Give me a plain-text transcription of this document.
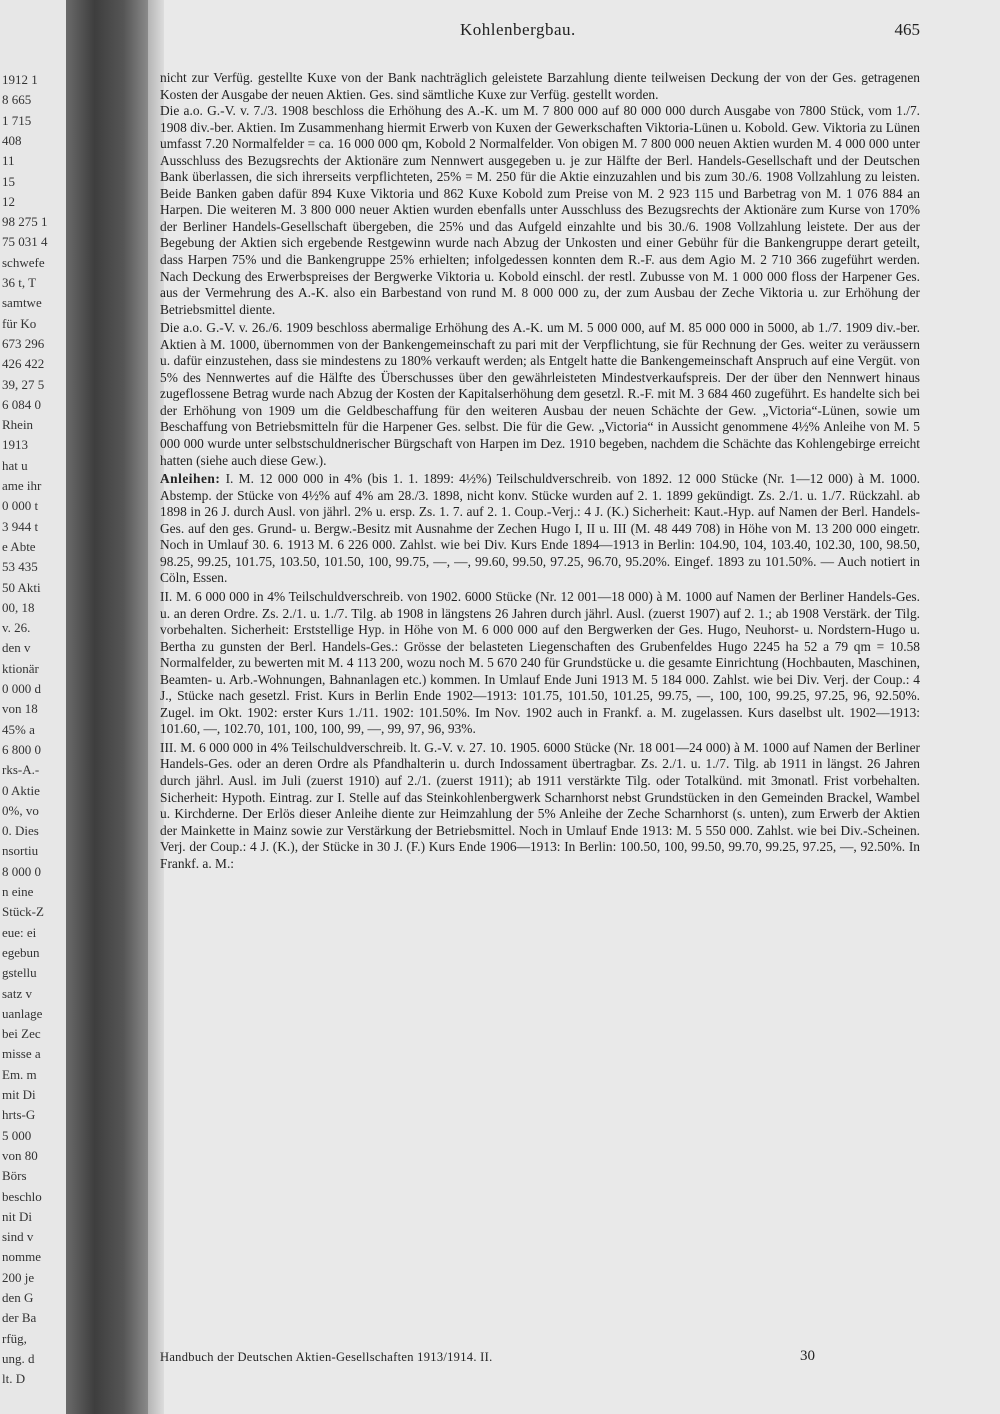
1912 1
8 665
1 715
408
11
15
12
98 275 1
75 031 4
schwefe
36 t, T
samtwe
für Ko
673 296
426 422
39, 27 5
6 084 0
Rhein
1913
hat u
ame ihr
0 000 t
3 944 t
e Abte
53 435
50 Akti
00, 18
v. 26.
den v
ktionär
0 000 d
von 18
45% a
6 800 0
rks-A.-
0 Aktie
0%, vo
0. Dies
nsortiu
8 000 0
n eine
Stück-Z
eue: ei
egebun
gstellu
satz v
uanlage
bei Zec
misse a
Em. m
mit Di
hrts-G
5 000
von 80
Börs
beschlo
nit Di
sind v
nomme
200 je
den G
der Ba
rfüg,
ung. d
lt. D
Kohlenbergbau.	465

nicht zur Verfüg. gestellte Kuxe von der Bank nachträglich geleistete Barzahlung diente teilweisen Deckung der von der Ges. getragenen Kosten der Ausgabe der neuen Aktien. Ges. sind sämtliche Kuxe zur Verfüg. gestellt worden.

Die a.o. G.-V. v. 7./3. 1908 beschloss die Erhöhung des A.-K. um M. 7 800 000 auf 80 000 000 durch Ausgabe von 7800 Stück, vom 1./7. 1908 div.-ber. Aktien. Im Zusammenhang hiermit Erwerb von Kuxen der Gewerkschaften Viktoria-Lünen u. Kobold. Gew. Viktoria zu Lünen umfasst 7.20 Normalfelder = ca. 16 000 000 qm, Kobold 2 Normalfelder. Von obigen M. 7 800 000 neuen Aktien wurden M. 4 000 000 unter Ausschluss des Bezugsrechts der Aktionäre zum Nennwert ausgegeben u. je zur Hälfte der Berl. Handels-Gesellschaft und der Deutschen Bank überlassen, die sich ihrerseits verpflichteten, 25% = M. 250 für die Aktie einzuzahlen und bis zum 30./6. 1908 Vollzahlung zu leisten. Beide Banken gaben dafür 894 Kuxe Viktoria und 862 Kuxe Kobold zum Preise von M. 2 923 115 und Barbetrag von M. 1 076 884 an Harpen. Die weiteren M. 3 800 000 neuer Aktien wurden ebenfalls unter Ausschluss des Bezugsrechts der Aktionäre zum Kurse von 170% der Berliner Handels-Gesellschaft übergeben, die 25% und das Aufgeld einzahlte und bis 30./6. 1908 Vollzahlung leistete. Der aus der Begebung der Aktien sich ergebende Restgewinn wurde nach Abzug der Unkosten und einer Gebühr für die Bankengruppe derart geteilt, dass Harpen 75% und die Bankengruppe 25% erhielten; infolgedessen konnten dem R.-F. aus dem Agio M. 2 710 366 zugeführt werden. Nach Deckung des Erwerbspreises der Bergwerke Viktoria u. Kobold einschl. der restl. Zubusse von M. 1 000 000 floss der Harpener Ges. aus der Vermehrung des A.-K. also ein Barbestand von rund M. 8 000 000 zu, der zum Ausbau der Zeche Viktoria u. zur Erhöhung der Betriebsmittel diente.

Die a.o. G.-V. v. 26./6. 1909 beschloss abermalige Erhöhung des A.-K. um M. 5 000 000, auf M. 85 000 000 in 5000, ab 1./7. 1909 div.-ber. Aktien à M. 1000, übernommen von der Bankengemeinschaft zu pari mit der Verpflichtung, sie für Rechnung der Ges. weiter zu veräussern u. dafür einzustehen, dass sie mindestens zu 180% verkauft werden; als Entgelt hatte die Bankengemeinschaft Anspruch auf eine Vergüt. von 5% des Nennwertes auf die Hälfte des Überschusses über den gewährleisteten Mindestverkaufspreis. Der der über den Nennwert hinaus zugeflossene Betrag wurde nach Abzug der Kosten der Kapitalserhöhung dem gesetzl. R.-F. mit M. 3 684 460 zugeführt. Es handelte sich bei der Erhöhung von 1909 um die Geldbeschaffung für den weiteren Ausbau der neuen Schächte der Gew. „Victoria“-Lünen, sowie um Beschaffung von Betriebsmitteln für die Harpener Ges. selbst. Die für die Gew. „Victoria“ in Aussicht genommene 4½% Anleihe von M. 5 000 000 wurde unter selbstschuldnerischer Bürgschaft von Harpen im Dez. 1910 begeben, nachdem die Schächte das Kohlengebirge erreicht hatten (siehe auch diese Gew.).

Anleihen: I. M. 12 000 000 in 4% (bis 1. 1. 1899: 4½%) Teilschuldverschreib. von 1892. 12 000 Stücke (Nr. 1—12 000) à M. 1000. Abstemp. der Stücke von 4½% auf 4% am 28./3. 1898, nicht konv. Stücke wurden auf 2. 1. 1899 gekündigt. Zs. 2./1. u. 1./7. Rückzahl. ab 1898 in 26 J. durch Ausl. von jährl. 2% u. ersp. Zs. 1. 7. auf 2. 1. Coup.-Verj.: 4 J. (K.) Sicherheit: Kaut.-Hyp. auf Namen der Berl. Handels-Ges. auf den ges. Grund- u. Bergw.-Besitz mit Ausnahme der Zechen Hugo I, II u. III (M. 48 449 708) in Höhe von M. 13 200 000 eingetr. Noch in Umlauf 30. 6. 1913 M. 6 226 000. Zahlst. wie bei Div. Kurs Ende 1894—1913 in Berlin: 104.90, 104, 103.40, 102.30, 100, 98.50, 98.25, 99.25, 101.75, 103.50, 101.50, 100, 99.75, —, —, 99.60, 99.50, 97.25, 96.70, 95.20%. Eingef. 1893 zu 101.50%. — Auch notiert in Cöln, Essen.

II. M. 6 000 000 in 4% Teilschuldverschreib. von 1902. 6000 Stücke (Nr. 12 001—18 000) à M. 1000 auf Namen der Berliner Handels-Ges. u. an deren Ordre. Zs. 2./1. u. 1./7. Tilg. ab 1908 in längstens 26 Jahren durch jährl. Ausl. (zuerst 1907) auf 2. 1.; ab 1908 Verstärk. der Tilg. vorbehalten. Sicherheit: Erststellige Hyp. in Höhe von M. 6 000 000 auf den Bergwerken der Ges. Hugo, Neuhorst- u. Nordstern-Hugo u. Bertha zu gunsten der Berl. Handels-Ges.: Grösse der belasteten Liegenschaften des Grubenfeldes Hugo 2245 ha 52 a 79 qm = 10.58 Normalfelder, zu bewerten mit M. 4 113 200, wozu noch M. 5 670 240 für Grundstücke u. die gesamte Einrichtung (Hochbauten, Maschinen, Beamten- u. Arb.-Wohnungen, Bahnanlagen etc.) kommen. In Umlauf Ende Juni 1913 M. 5 184 000. Zahlst. wie bei Div. Verj. der Coup.: 4 J., Stücke nach gesetzl. Frist. Kurs in Berlin Ende 1902—1913: 101.75, 101.50, 101.25, 99.75, —, 100, 100, 99.25, 97.25, 96, 92.50%. Zugel. im Okt. 1902: erster Kurs 1./11. 1902: 101.50%. Im Nov. 1902 auch in Frankf. a. M. zugelassen. Kurs daselbst ult. 1902—1913: 101.60, —, 102.70, 101, 100, 100, 99, —, 99, 97, 96, 93%.

III. M. 6 000 000 in 4% Teilschuldverschreib. lt. G.-V. v. 27. 10. 1905. 6000 Stücke (Nr. 18 001—24 000) à M. 1000 auf Namen der Berliner Handels-Ges. oder an deren Ordre als Pfandhalterin u. durch Indossament übertragbar. Zs. 2./1. u. 1./7. Tilg. ab 1911 in längst. 26 Jahren durch jährl. Ausl. im Juli (zuerst 1910) auf 2./1. (zuerst 1911); ab 1911 verstärkte Tilg. oder Totalkünd. mit 3monatl. Frist vorbehalten. Sicherheit: Hypoth. Eintrag. zur I. Stelle auf das Steinkohlenbergwerk Scharnhorst nebst Grundstücken in den Gemeinden Brackel, Wambel u. Kirchderne. Der Erlös dieser Anleihe diente zur Heimzahlung der 5% Anleihe der Zeche Scharnhorst (s. unten), zum Erwerb der Aktien der Mainkette in Mainz sowie zur Verstärkung der Betriebsmittel. Noch in Umlauf Ende 1913: M. 5 550 000. Zahlst. wie bei Div.-Scheinen. Verj. der Coup.: 4 J. (K.), der Stücke in 30 J. (F.) Kurs Ende 1906—1913: In Berlin: 100.50, 100, 99.50, 99.70, 99.25, 97.25, —, 92.50%. In Frankf. a. M.:

Handbuch der Deutschen Aktien-Gesellschaften 1913/1914. II.	30
